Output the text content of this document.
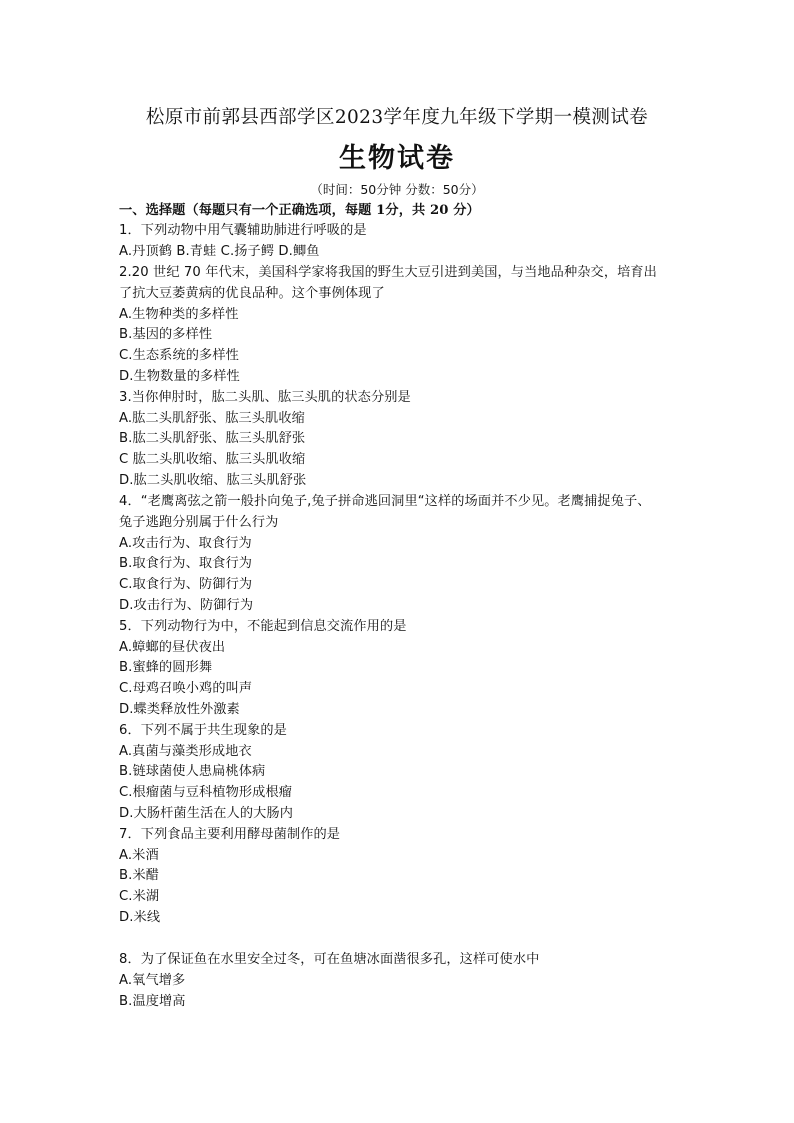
松原市前郭县西部学区2023学年度九年级下学期一模测试卷
生物试卷
（时间：50分钟 分数：50分）
一、选择题（每题只有一个正确选项，每题 1分，共 20 分）
1．下列动物中用气囊辅助肺进行呼吸的是
A.丹顶鹤 B.青蛙 C.扬子鳄 D.鲫鱼
2.20 世纪 70 年代末，美国科学家将我国的野生大豆引进到美国，与当地品种杂交，培育出
了抗大豆萎黄病的优良品种。这个事例体现了
A.生物种类的多样性
B.基因的多样性
C.生态系统的多样性
D.生物数量的多样性
3.当你伸肘时，肱二头肌、肱三头肌的状态分别是
A.肱二头肌舒张、肱三头肌收缩
B.肱二头肌舒张、肱三头肌舒张
C 肱二头肌收缩、肱三头肌收缩
D.肱二头肌收缩、肱三头肌舒张
4．“老鹰离弦之箭一般扑向兔子,兔子拼命逃回洞里“这样的场面并不少见。老鹰捕捉兔子、
兔子逃跑分别属于什么行为
A.攻击行为、取食行为
B.取食行为、取食行为
C.取食行为、防御行为
D.攻击行为、防御行为
5．下列动物行为中，不能起到信息交流作用的是
A.蟑螂的昼伏夜出
B.蜜蜂的圆形舞
C.母鸡召唤小鸡的叫声
D.蝶类释放性外激素
6．下列不属于共生现象的是
A.真菌与藻类形成地衣
B.链球菌使人患扁桃体病
C.根瘤菌与豆科植物形成根瘤
D.大肠杆菌生活在人的大肠内
7．下列食品主要利用酵母菌制作的是
A.米酒
B.米醋
C.米湖
D.米线
8．为了保证鱼在水里安全过冬，可在鱼塘冰面凿很多孔，这样可使水中
A.氧气增多
B.温度增高
